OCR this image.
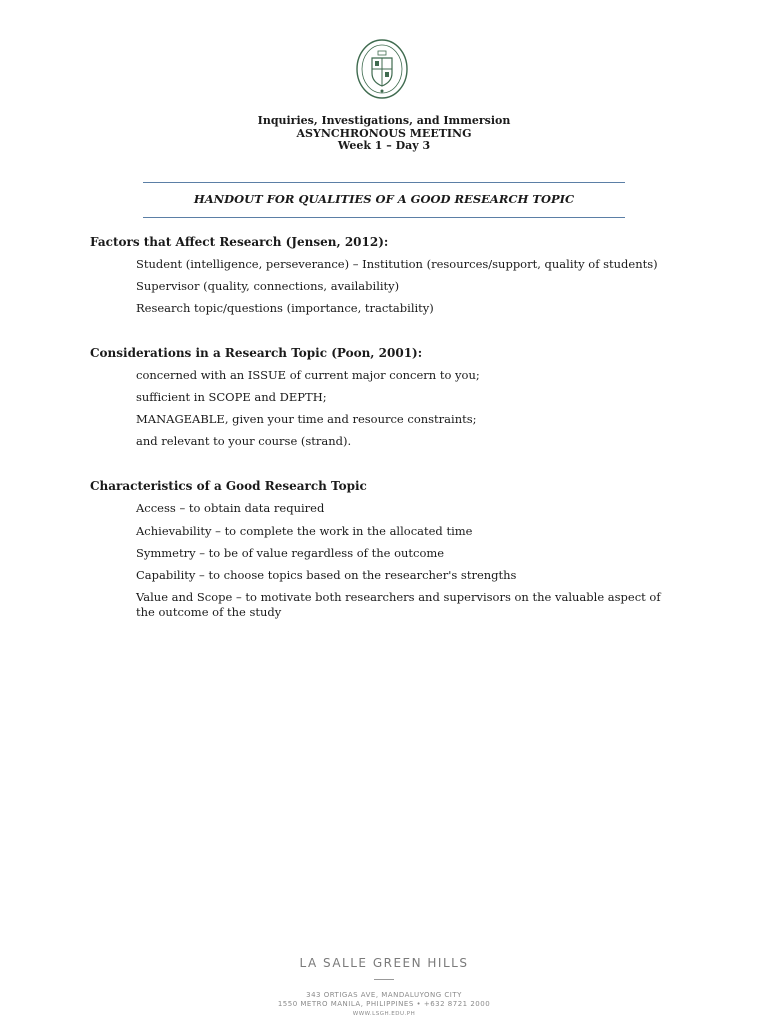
Inquiries, Investigations, and Immersion
ASYNCHRONOUS MEETING
Week 1 – Day 3
HANDOUT FOR QUALITIES OF A GOOD RESEARCH TOPIC
Factors that Affect Research (Jensen, 2012):
Student (intelligence, perseverance) – Institution (resources/support, quality of students)
Supervisor (quality, connections, availability)
Research topic/questions (importance, tractability)
Considerations in a Research Topic (Poon, 2001):
concerned with an ISSUE of current major concern to you;
sufficient in SCOPE and DEPTH;
MANAGEABLE, given your time and resource constraints;
and relevant to your course (strand).
Characteristics of a Good Research Topic
Access – to obtain data required
Achievability – to complete the work in the allocated time
Symmetry – to be of value regardless of the outcome
Capability – to choose topics based on the researcher's strengths
Value and Scope – to motivate both researchers and supervisors on the valuable aspect of the outcome of the study
LA SALLE GREEN HILLS
343 ORTIGAS AVE, MANDALUYONG CITY
1550 METRO MANILA, PHILIPPINES • +632 8721 2000
WWW.LSGH.EDU.PH
